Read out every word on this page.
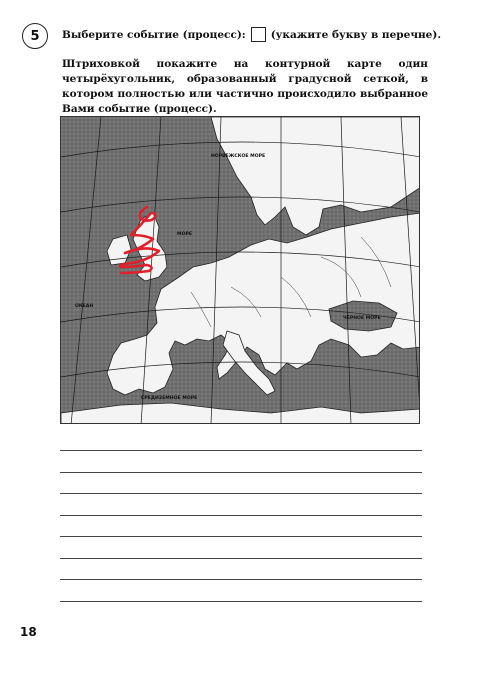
5 Выберите событие (процесс): (укажите букву в перечне).
Штриховкой покажите на контурной карте один четырёхугольник, образованный градусной сеткой, в котором полностью или частично происходило выбранное Вами событие (процесс).
НОРВЕЖСКОЕ МОРЕ
МОРЕ
ЧЁРНОЕ МОРЕ
СРЕДИЗЕМНОЕ МОРЕ
ОКЕАН
18
